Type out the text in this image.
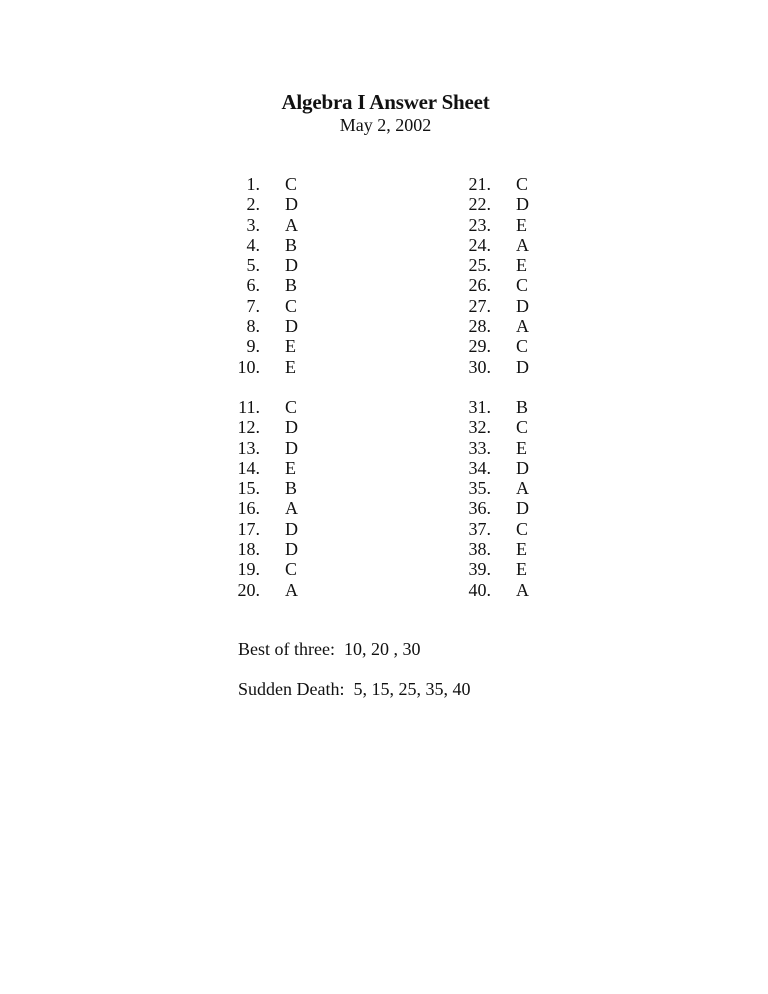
Algebra I Answer Sheet
May 2, 2002
1.	C
2.	D
3.	A
4.	B
5.	D
6.	B
7.	C
8.	D
9.	E
10.	E
11.	C
12.	D
13.	D
14.	E
15.	B
16.	A
17.	D
18.	D
19.	C
20.	A
21.	C
22.	D
23.	E
24.	A
25.	E
26.	C
27.	D
28.	A
29.	C
30.	D
31.	B
32.	C
33.	E
34.	D
35.	A
36.	D
37.	C
38.	E
39.	E
40.	A
Best of three:  10, 20 , 30
Sudden Death:  5, 15, 25, 35, 40
